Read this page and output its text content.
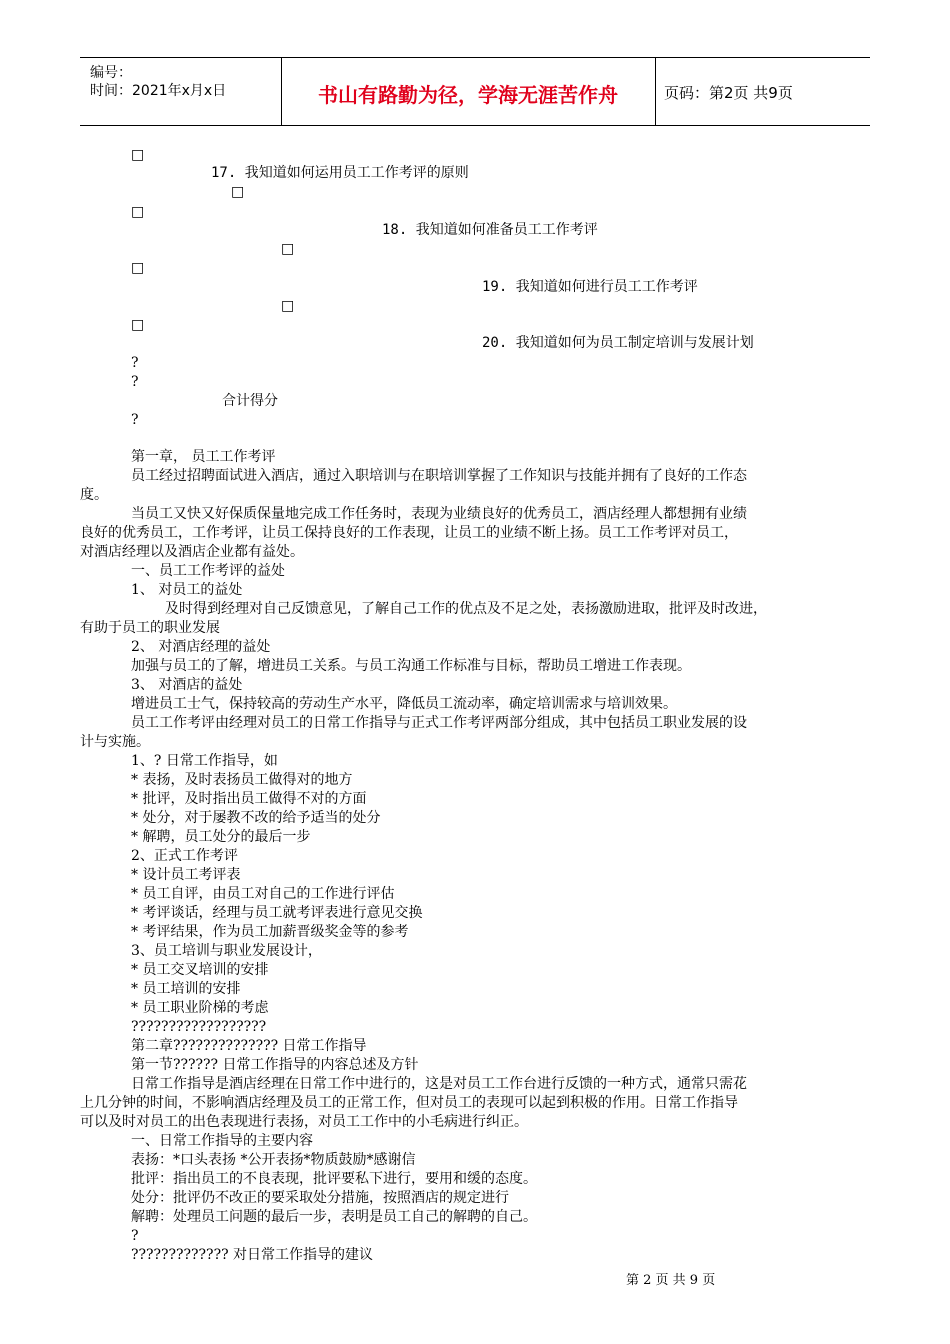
编号：
时间：2021年x月x日	书山有路勤为径，学海无涯苦作舟	页码：第2页 共9页
□
17. 我知道如何运用员工工作考评的原则
□
□
18. 我知道如何准备员工工作考评
□
□
19. 我知道如何进行员工工作考评
□
□
20. 我知道如何为员工制定培训与发展计划
?
?
合计得分
?
第一章， 员工工作考评
员工经过招聘面试进入酒店，通过入职培训与在职培训掌握了工作知识与技能并拥有了良好的工作态
度。
当员工又快又好保质保量地完成工作任务时，表现为业绩良好的优秀员工，酒店经理人都想拥有业绩
良好的优秀员工，工作考评，让员工保持良好的工作表现，让员工的业绩不断上扬。员工工作考评对员工，
对酒店经理以及酒店企业都有益处。
一、员工工作考评的益处
1、 对员工的益处
及时得到经理对自己反馈意见，了解自己工作的优点及不足之处，表扬激励进取，批评及时改进，
有助于员工的职业发展
2、 对酒店经理的益处
加强与员工的了解，增进员工关系。与员工沟通工作标准与目标，帮助员工增进工作表现。
3、 对酒店的益处
增进员工士气，保持较高的劳动生产水平，降低员工流动率，确定培训需求与培训效果。
员工工作考评由经理对员工的日常工作指导与正式工作考评两部分组成，其中包括员工职业发展的设
计与实施。
1、? 日常工作指导，如
* 表扬，及时表扬员工做得对的地方
* 批评，及时指出员工做得不对的方面
* 处分，对于屡教不改的给予适当的处分
* 解聘，员工处分的最后一步
2、正式工作考评
* 设计员工考评表
* 员工自评，由员工对自己的工作进行评估
* 考评谈话，经理与员工就考评表进行意见交换
* 考评结果，作为员工加薪晋级奖金等的参考
3、员工培训与职业发展设计，
* 员工交叉培训的安排
* 员工培训的安排
* 员工职业阶梯的考虑
??????????????????
第二章?????????????? 日常工作指导
第一节?????? 日常工作指导的内容总述及方针
日常工作指导是酒店经理在日常工作中进行的，这是对员工工作台进行反馈的一种方式，通常只需花
上几分钟的时间，不影响酒店经理及员工的正常工作，但对员工的表现可以起到积极的作用。日常工作指导
可以及时对员工的出色表现进行表扬，对员工工作中的小毛病进行纠正。
一、日常工作指导的主要内容
表扬：*口头表扬 *公开表扬*物质鼓励*感谢信
批评：指出员工的不良表现，批评要私下进行，要用和缓的态度。
处分：批评仍不改正的要采取处分措施，按照酒店的规定进行
解聘：处理员工问题的最后一步，表明是员工自己的解聘的自己。
?
????????????? 对日常工作指导的建议
第 2 页 共 9 页
